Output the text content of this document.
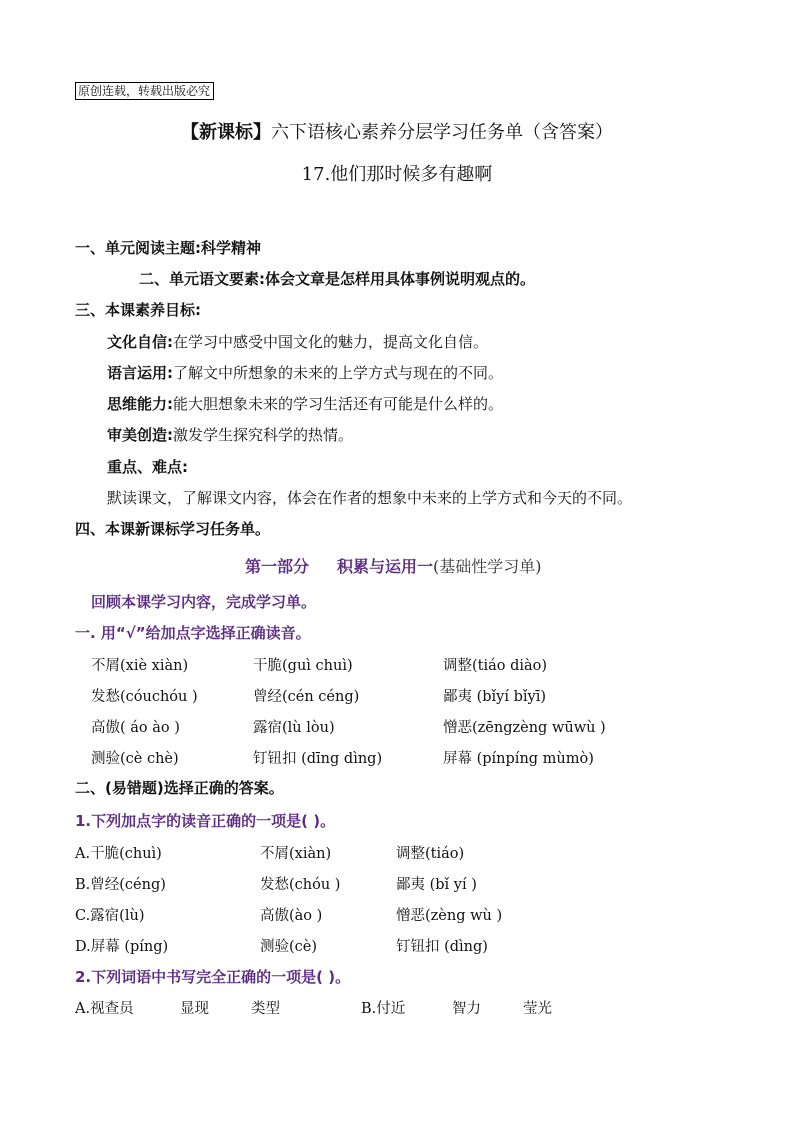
原创连载，转载出版必究
【新课标】六下语核心素养分层学习任务单（含答案）
17.他们那时候多有趣啊
一、单元阅读主题:科学精神
二、单元语文要素:体会文章是怎样用具体事例说明观点的。
三、本课素养目标:
文化自信:在学习中感受中国文化的魅力，提高文化自信。
语言运用:了解文中所想象的未来的上学方式与现在的不同。
思维能力:能大胆想象未来的学习生活还有可能是什么样的。
审美创造:激发学生探究科学的热情。
重点、难点:
默读课文，了解课文内容，体会在作者的想象中未来的上学方式和今天的不同。
四、本课新课标学习任务单。
第一部分 积累与运用一(基础性学习单)
回顾本课学习内容，完成学习单。
一. 用“√”给加点字选择正确读音。
不屑(xiè xiàn)	干脆(guì chuì)	调整(tiáo diào)
发愁(cóuchóu )	曾经(cén céng)	鄙夷 (bǐyí bǐyī)
高傲( áo ào )	露宿(lù lòu)	憎恶(zēngzèng wūwù )
测验(cè chè)	钉钮扣 (dīng dìng)	屏幕 (pínpíng mùmò)
二、(易错题)选择正确的答案。
1.下列加点字的读音正确的一项是( )。
A.干脆(chuì)	不屑(xiàn)	调整(tiáo)
B.曾经(céng)	发愁(chóu )	鄙夷 (bǐ yí )
C.露宿(lù)	高傲(ào )	憎恶(zèng wù )
D.屏幕 (píng)	测验(cè)	钉钮扣 (dìng)
2.下列词语中书写完全正确的一项是( )。
A.视查员	显现	类型	B.付近	智力	莹光
